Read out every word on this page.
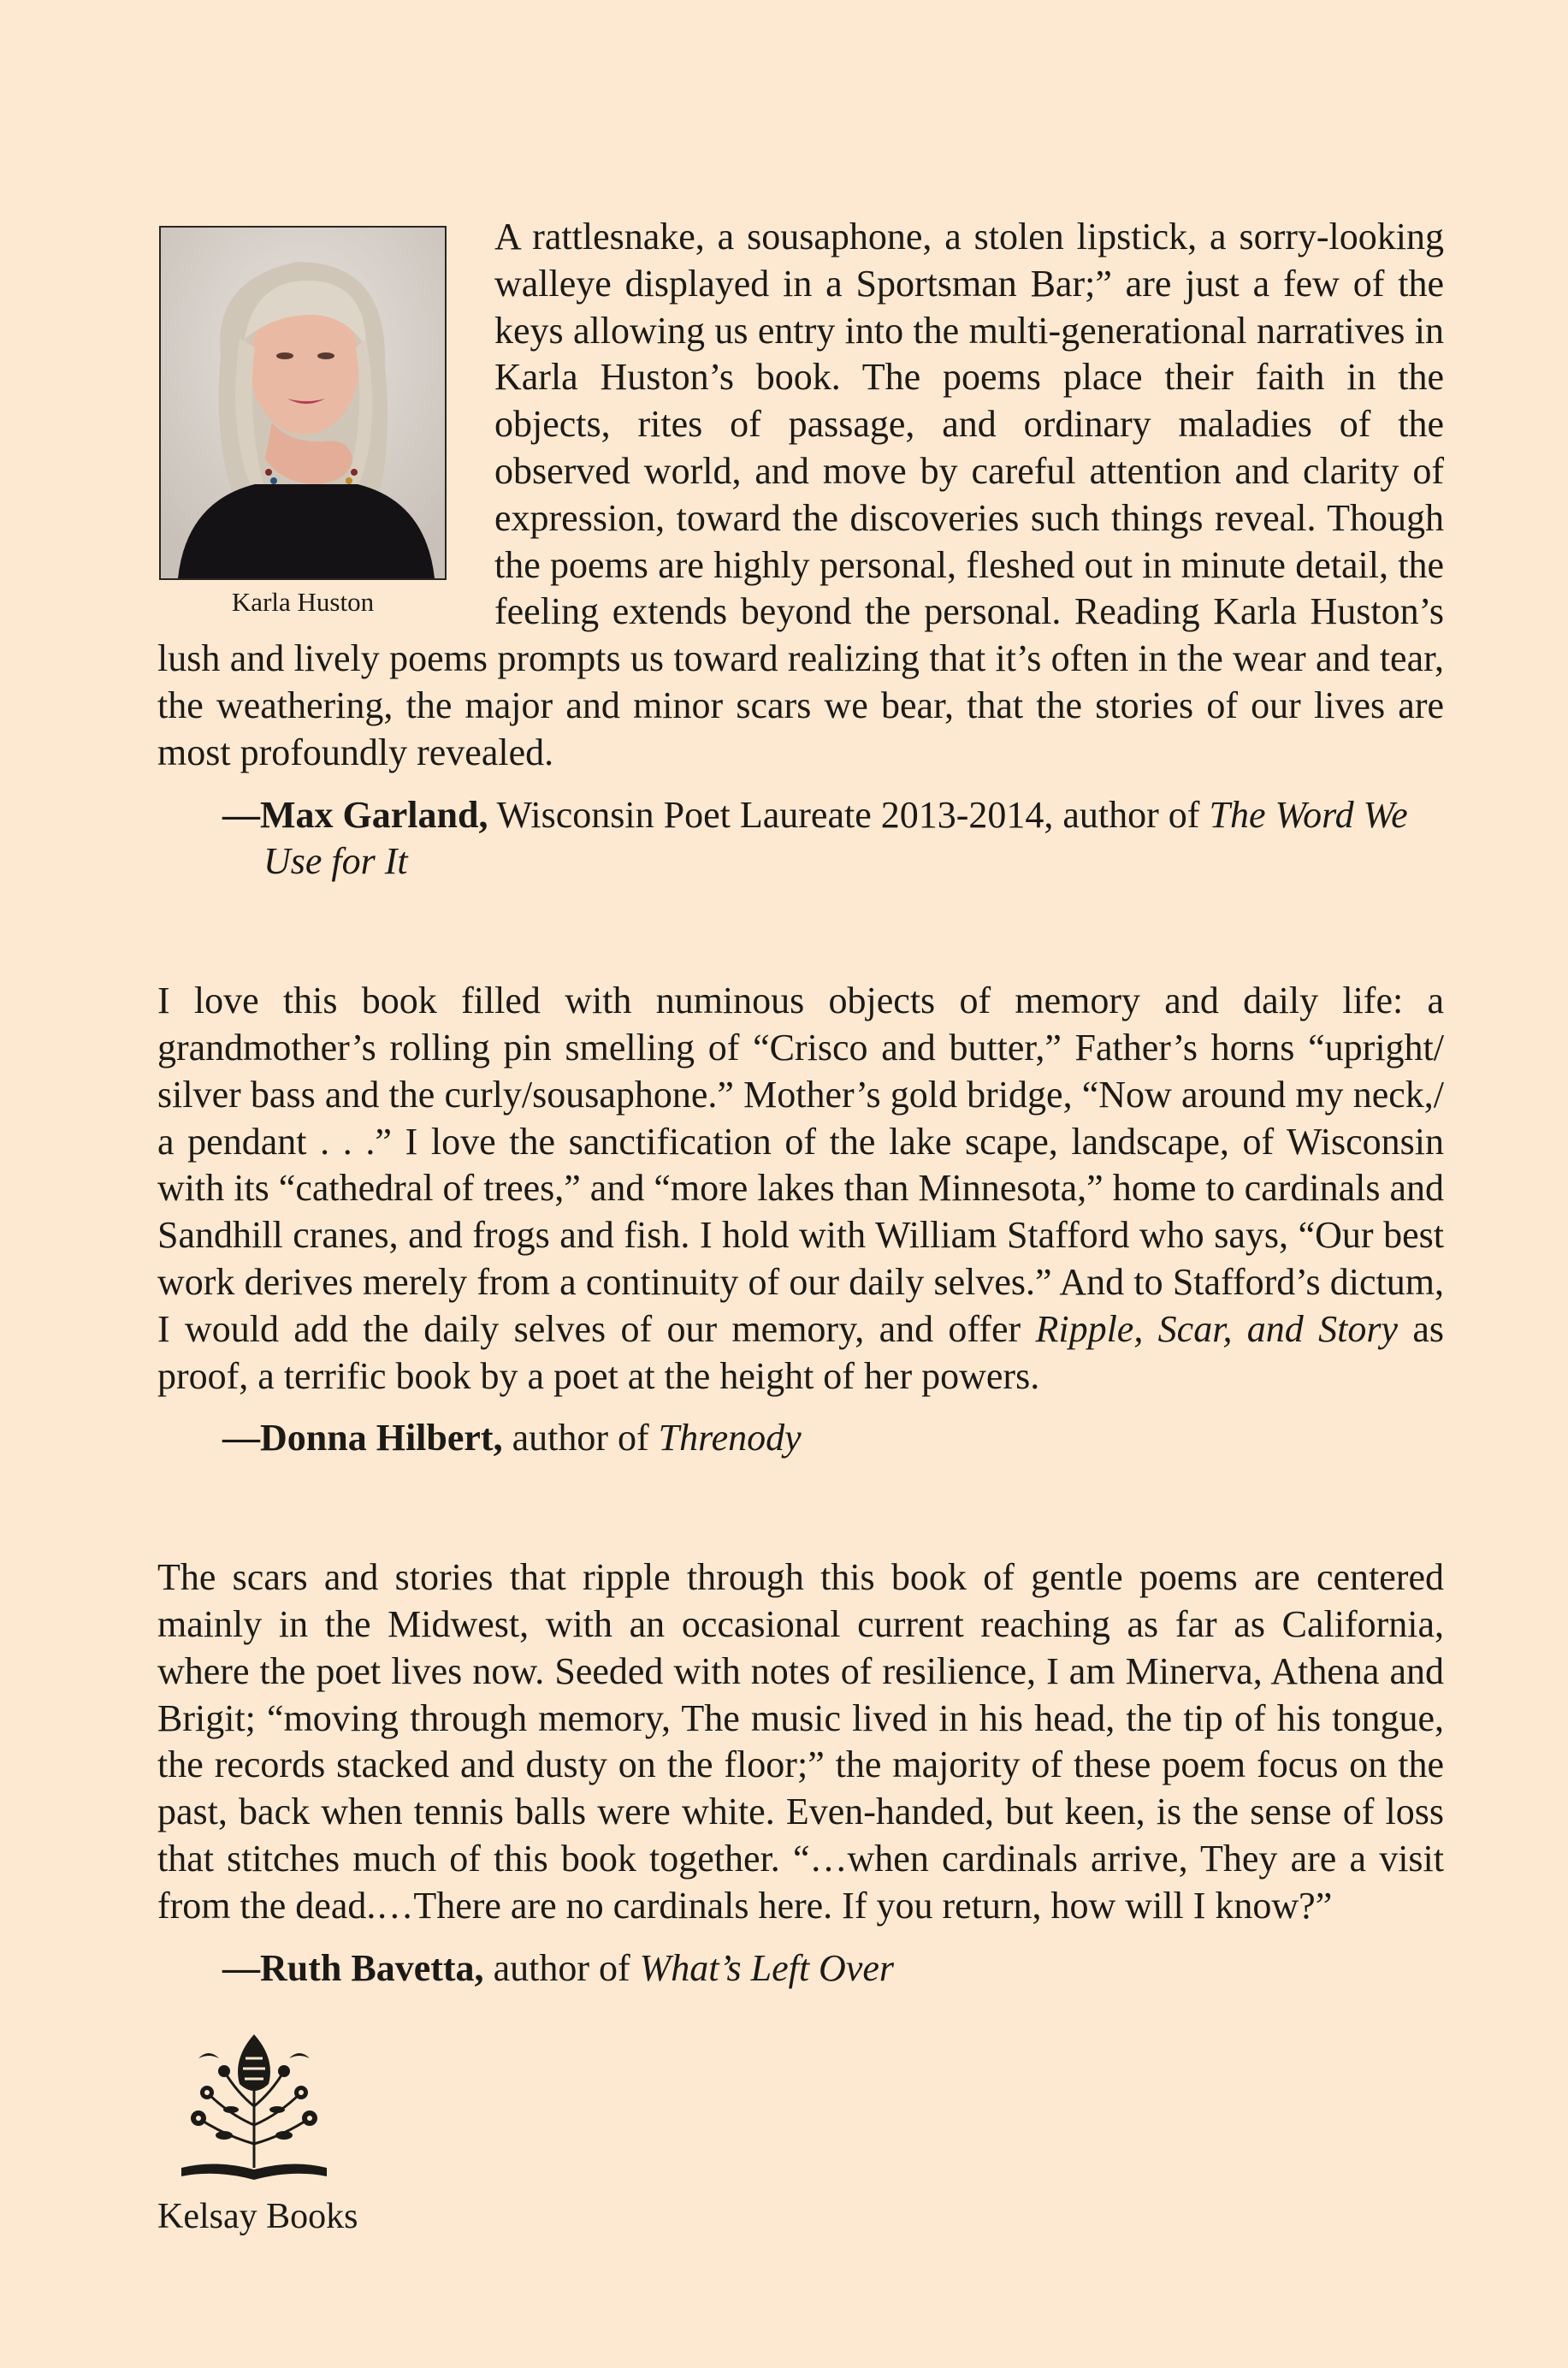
Karla Huston

A rattlesnake, a sousaphone, a stolen lipstick, a sorry-looking walleye displayed in a Sportsman Bar;” are just a few of the keys allowing us entry into the multi-generational narratives in Karla Huston’s book. The poems place their faith in the objects, rites of passage, and ordinary maladies of the observed world, and move by careful attention and clarity of expression, toward the discoveries such things reveal. Though the poems are highly personal, fleshed out in minute detail, the feeling extends beyond the personal. Reading Karla Huston’s lush and lively poems prompts us toward realizing that it’s often in the wear and tear, the weathering, the major and minor scars we bear, that the stories of our lives are most profoundly revealed.

—Max Garland, Wisconsin Poet Laureate 2013-2014, author of The Word We Use for It

I love this book filled with numinous objects of memory and daily life: a grandmother’s rolling pin smelling of “Crisco and butter,” Father’s horns “upright/ silver bass and the curly/sousaphone.” Mother’s gold bridge, “Now around my neck,/ a pendant . . .” I love the sanctification of the lake scape, landscape, of Wisconsin with its “cathedral of trees,” and “more lakes than Minnesota,” home to cardinals and Sandhill cranes, and frogs and fish. I hold with William Stafford who says, “Our best work derives merely from a continuity of our daily selves.” And to Stafford’s dictum, I would add the daily selves of our memory, and offer Ripple, Scar, and Story as proof, a terrific book by a poet at the height of her powers.

—Donna Hilbert, author of Threnody

The scars and stories that ripple through this book of gentle poems are centered mainly in the Midwest, with an occasional current reaching as far as California, where the poet lives now. Seeded with notes of resilience, I am Minerva, Athena and Brigit; “moving through memory, The music lived in his head, the tip of his tongue, the records stacked and dusty on the floor;” the majority of these poem focus on the past, back when tennis balls were white. Even-handed, but keen, is the sense of loss that stitches much of this book together. “…when cardinals arrive, They are a visit from the dead.…There are no cardinals here. If you return, how will I know?”

—Ruth Bavetta, author of What’s Left Over
Kelsay Books
